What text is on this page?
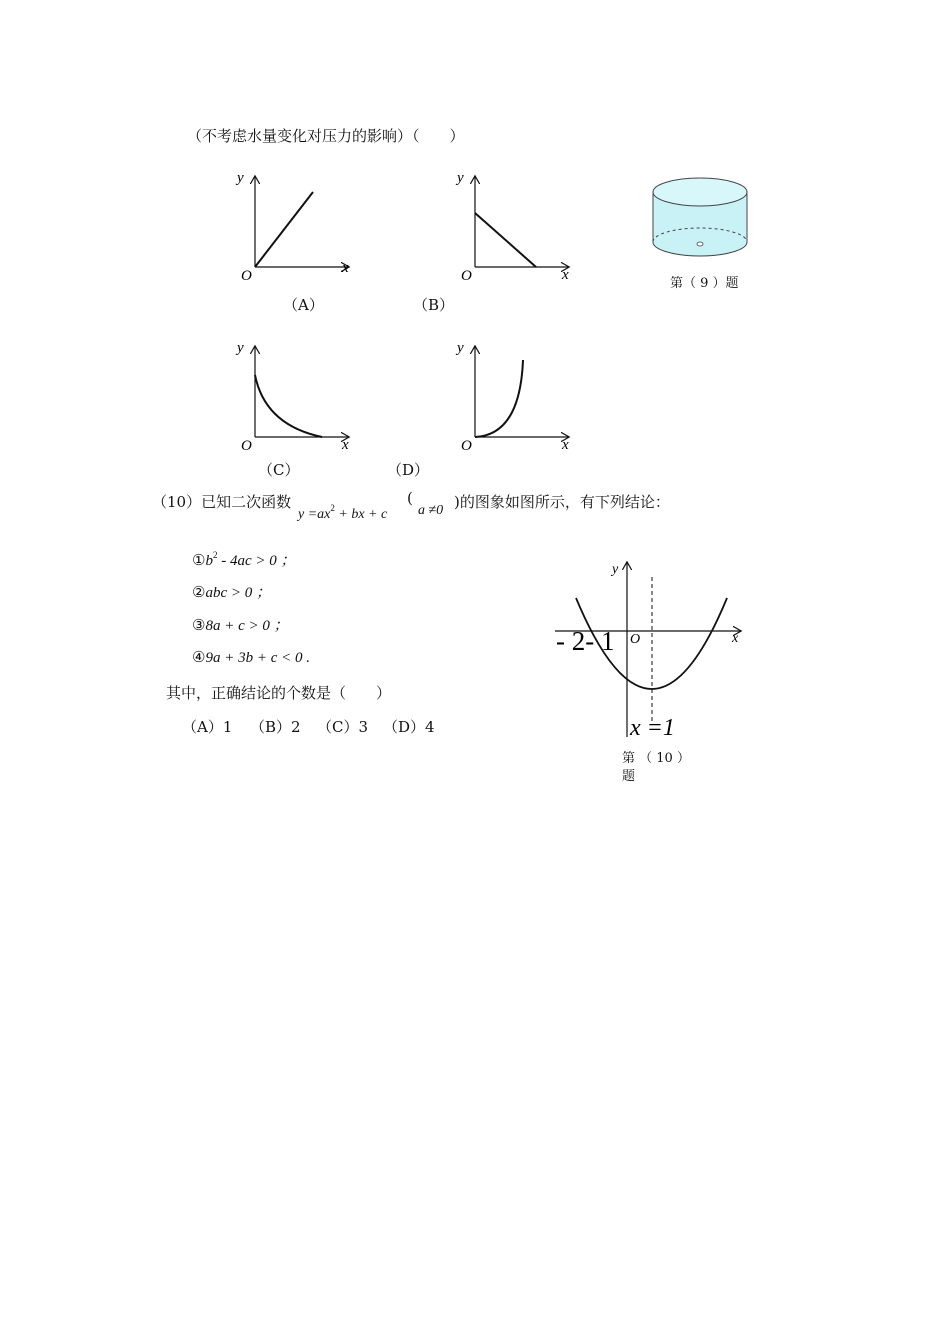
（不考虑水量变化对压力的影响）（　　）
y
x
O
（A）
y
x
O
（B）
第（ 9 ）题
y
x
O
（C）
y
x
O
（D）
（10）已知二次函数
$y =ax^2$ + bx + c
(
a ≠0 )的图象如图所示，有下列结论：
$①b^2 - 4ac > 0$ ；
②abc > 0 ；
③8a + c > 0 ；
④9a + 3b + c < 0 .
其中，正确结论的个数是（　　）
（A）1 （B）2 （C）3 （D）4
y
x
O
- 2- 1
x =1
第 （ 10 ）
题
